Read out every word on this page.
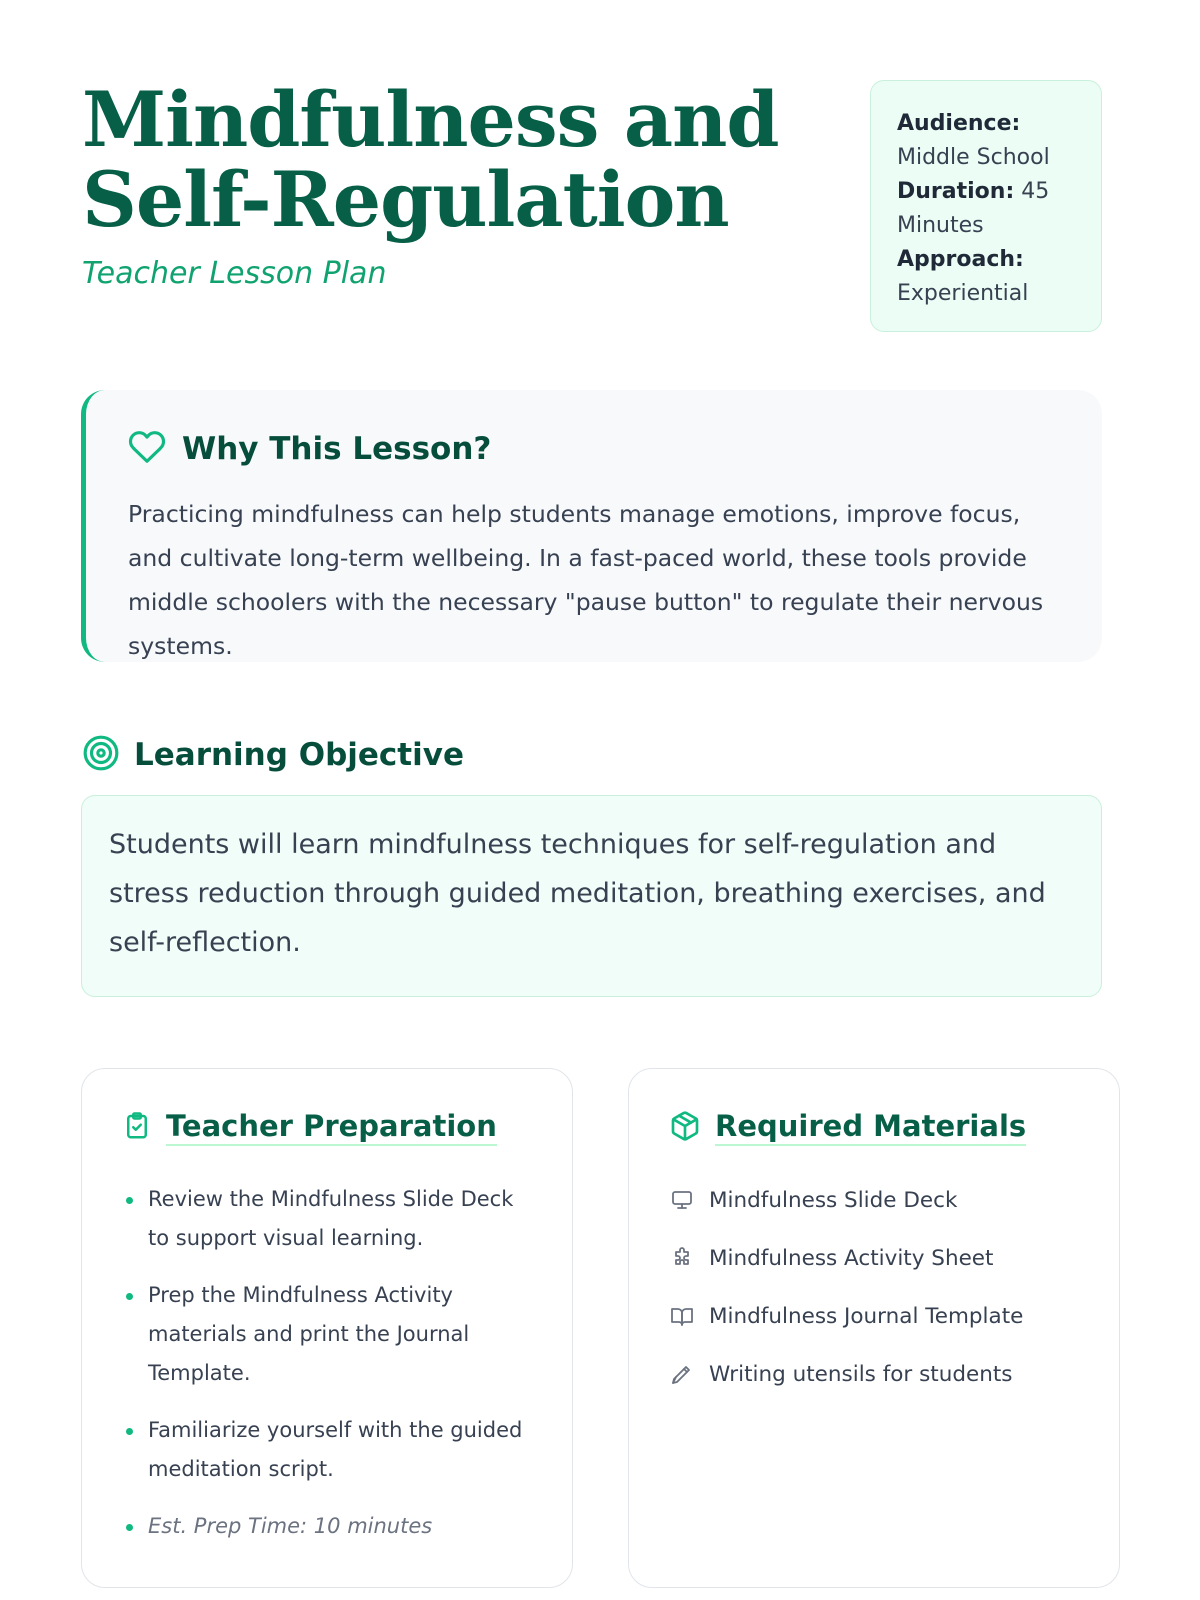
Mindfulness and Self-Regulation
Teacher Lesson Plan
Audience:
Middle School
Duration: 45 Minutes
Approach:
Experiential
Why This Lesson?

Practicing mindfulness can help students manage emotions, improve focus, and cultivate long-term wellbeing. In a fast-paced world, these tools provide middle schoolers with the necessary "pause button" to regulate their nervous systems.

Learning Objective

Students will learn mindfulness techniques for self-regulation and stress reduction through guided meditation, breathing exercises, and self-reflection.

Teacher Preparation
Review the Mindfulness Slide Deck to support visual learning.
Prep the Mindfulness Activity materials and print the Journal Template.
Familiarize yourself with the guided meditation script.
Est. Prep Time: 10 minutes
Required Materials
Mindfulness Slide Deck
Mindfulness Activity Sheet
Mindfulness Journal Template
Writing utensils for students
